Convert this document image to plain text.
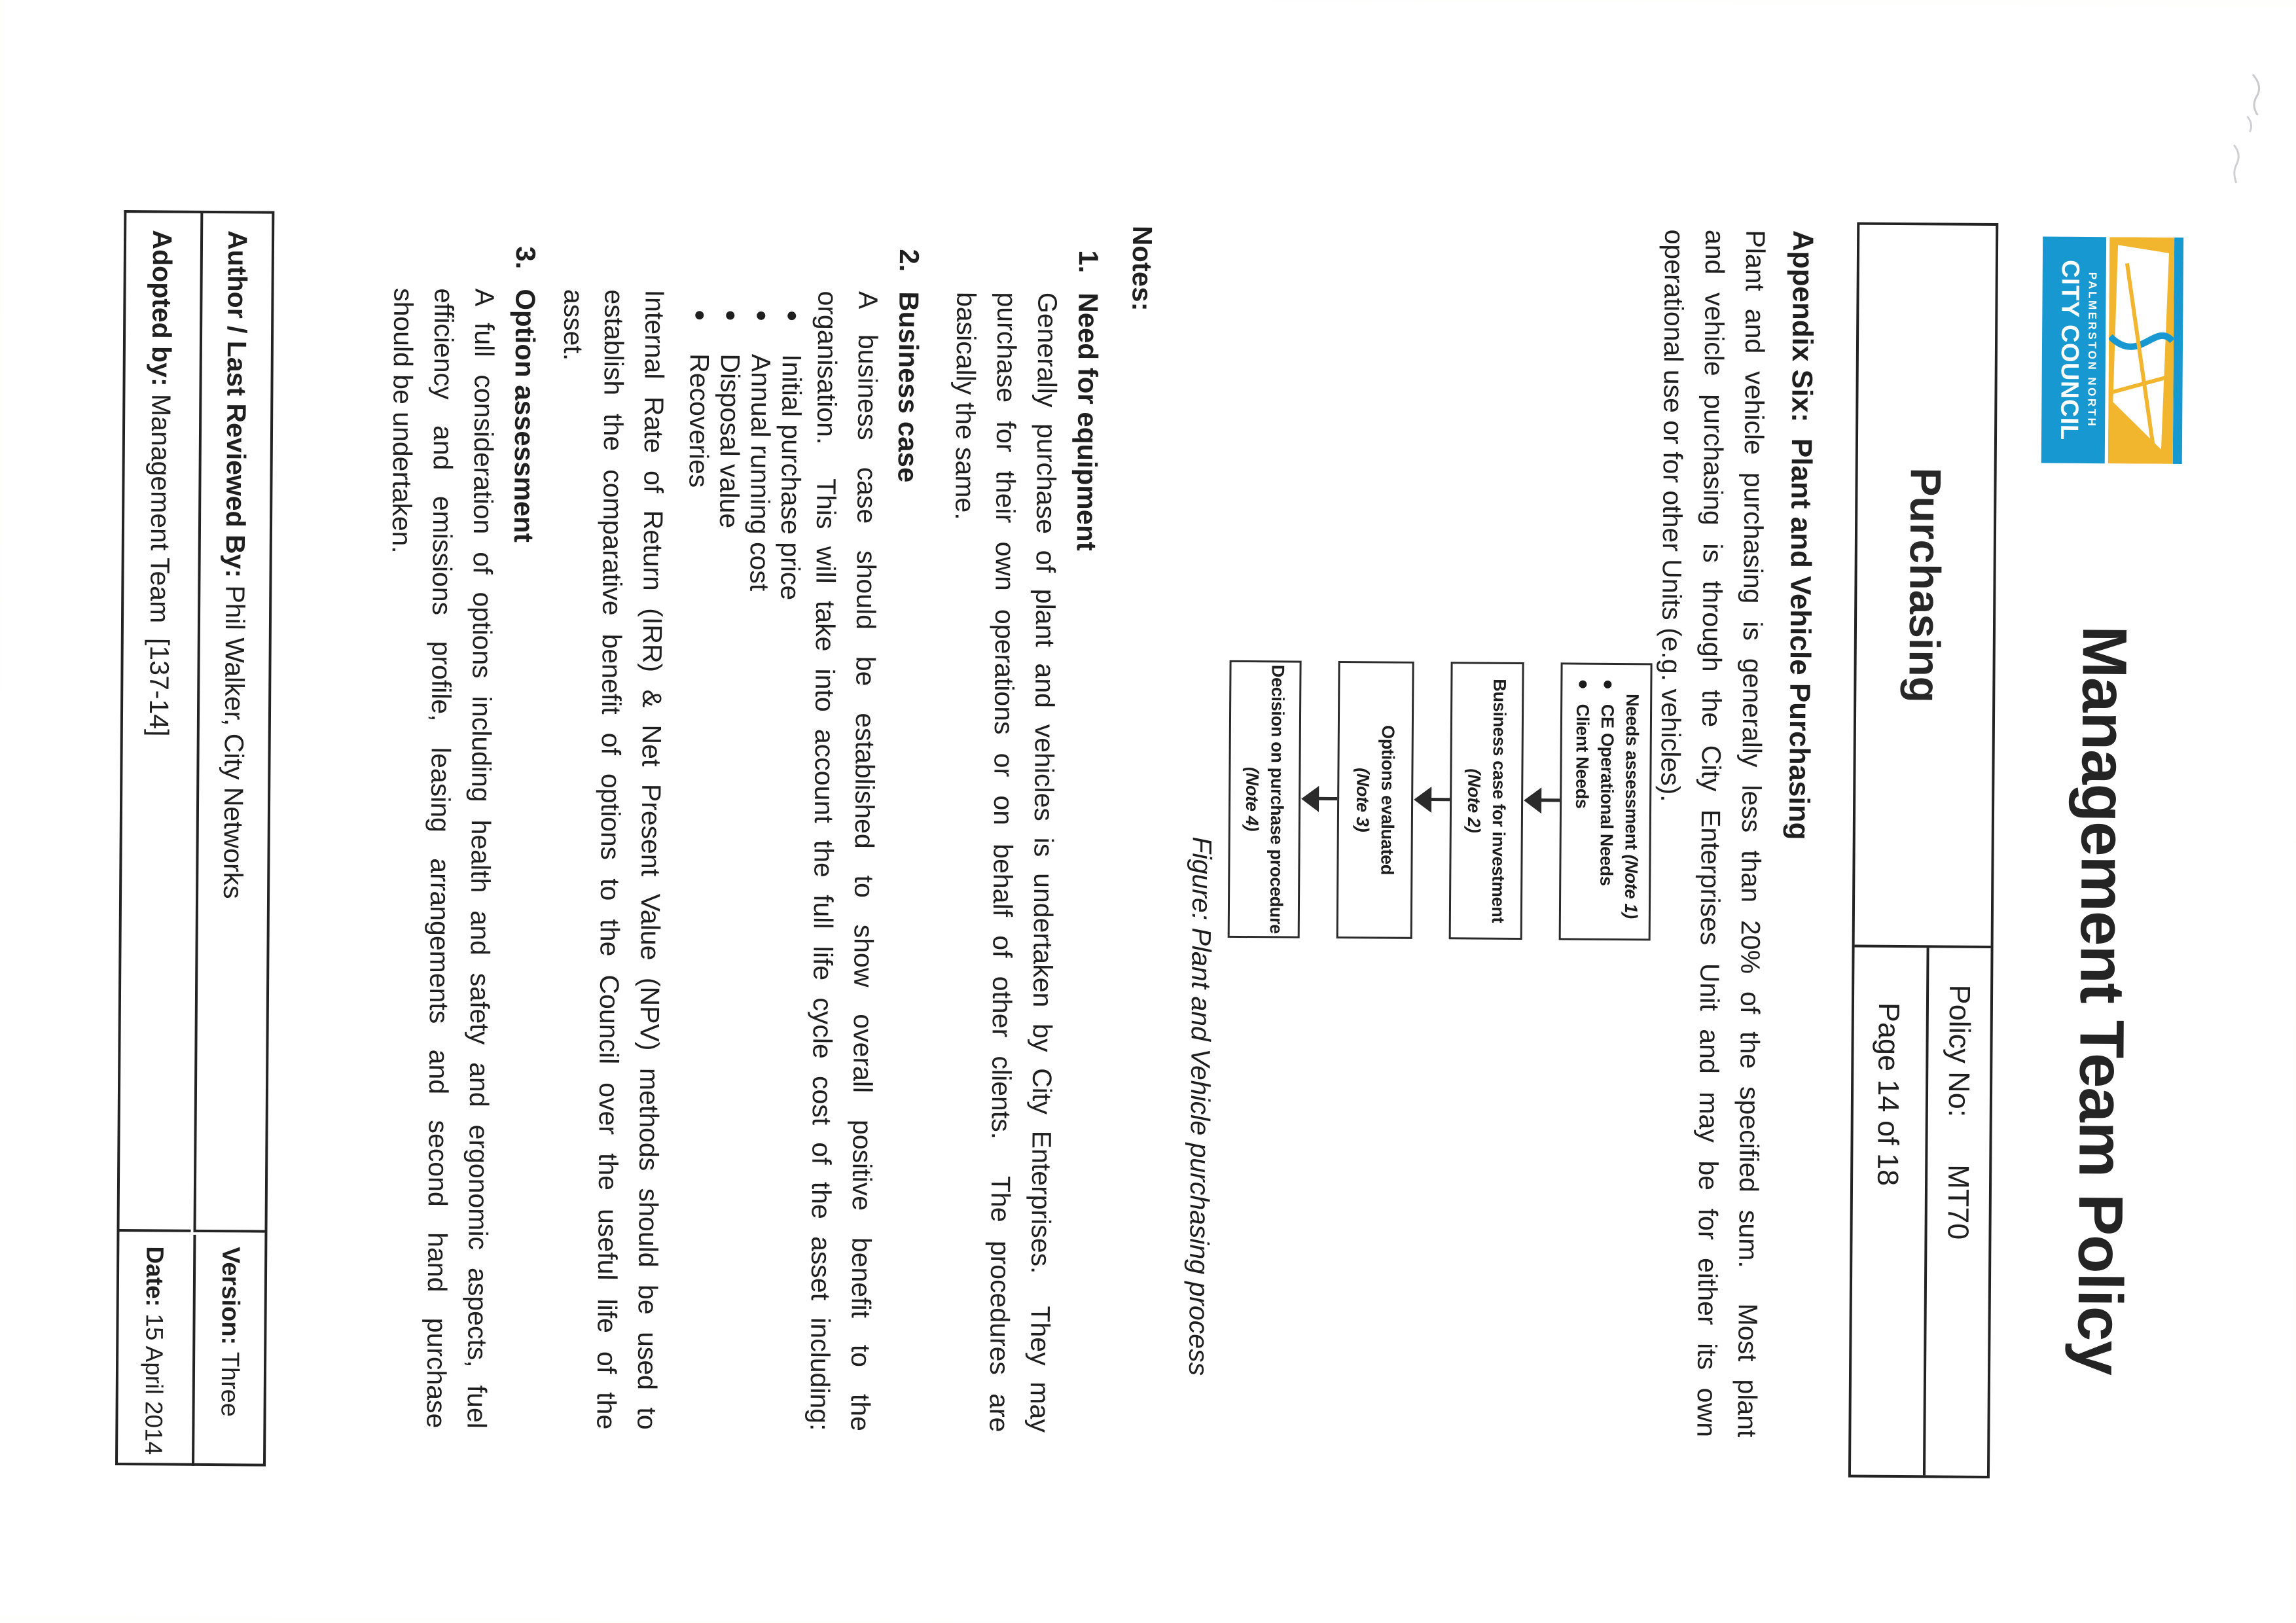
PALMERSTON NORTH
CITY COUNCIL
Management Team Policy
Purchasing
Policy No:
MT70
Page 14 of 18
Appendix Six:  Plant and Vehicle Purchasing
Plant and vehicle purchasing is generally less than 20% of the specified sum.  Most plant
and vehicle purchasing is through the City Enterprises Unit and may be for either its own
operational use or for other Units (e.g. vehicles).
Needs assessment (Note 1)
CE Operational Needs
Client Needs
Business case for investment
(Note 2)
Options evaluated
(Note 3)
Decision on purchase procedure
(Note 4)
Figure: Plant and Vehicle purchasing process
Notes:
1.
Need for equipment
Generally purchase of plant and vehicles is undertaken by City Enterprises.  They may
purchase for their own operations or on behalf of other clients.  The procedures are
basically the same.
2.
Business case
A business case should be established to show overall positive benefit to the
organisation.  This will take into account the full life cycle cost of the asset including:
Initial purchase price
Annual running cost
Disposal value
Recoveries
Internal Rate of Return (IRR) & Net Present Value (NPV) methods should be used to
establish the comparative benefit of options to the Council over the useful life of the
asset.
3.
Option assessment
A full consideration of options including health and safety and ergonomic aspects, fuel
efficiency and emissions profile, leasing arrangements and second hand purchase
should be undertaken.
Author / Last Reviewed By:
Phil Walker, City Networks
Version:
Three
Adopted by:
Management Team  [137-14]
Date:
15 April 2014
